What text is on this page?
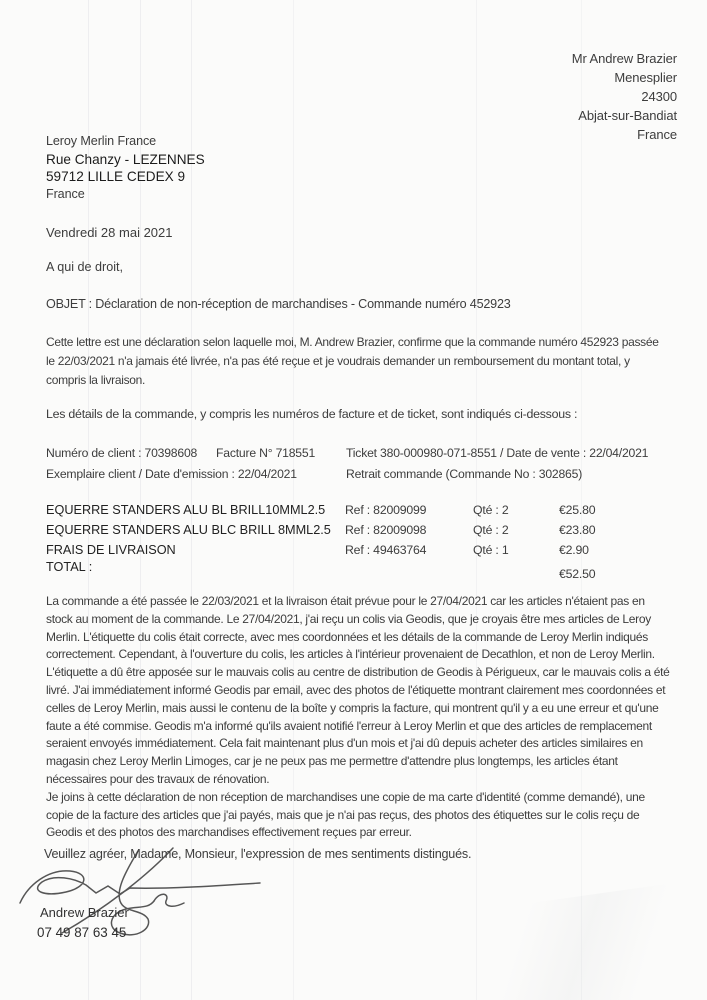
Mr Andrew Brazier
Menesplier
24300
Abjat-sur-Bandiat
France
Leroy Merlin France
Rue Chanzy - LEZENNES
59712 LILLE CEDEX 9
France
Vendredi 28 mai 2021
A qui de droit,
OBJET : Déclaration de non-réception de marchandises - Commande numéro 452923
Cette lettre est une déclaration selon laquelle moi, M. Andrew Brazier, confirme que la commande numéro 452923 passée le 22/03/2021 n'a jamais été livrée, n'a pas été reçue et je voudrais demander un remboursement du montant total, y compris la livraison.
Les détails de la commande, y compris les numéros de facture et de ticket, sont indiqués ci-dessous :
Numéro de client : 70398608 Facture N° 718551	Ticket 380-000980-071-8551 / Date de vente : 22/04/2021
Exemplaire client / Date d'emission : 22/04/2021	Retrait commande (Commande No : 302865)
EQUERRE STANDERS ALU BL BRILL10MML2.5 Ref : 82009099	Qté : 2	€25.80
EQUERRE STANDERS ALU BLC BRILL 8MML2.5 Ref : 82009098	Qté : 2	€23.80
FRAIS DE LIVRAISON	Ref : 49463764	Qté : 1	€2.90
TOTAL :	€52.50

La commande a été passée le 22/03/2021 et la livraison était prévue pour le 27/04/2021 car les articles n'étaient pas en stock au moment de la commande. Le 27/04/2021, j'ai reçu un colis via Geodis, que je croyais être mes articles de Leroy Merlin. L'étiquette du colis était correcte, avec mes coordonnées et les détails de la commande de Leroy Merlin indiqués correctement. Cependant, à l'ouverture du colis, les articles à l'intérieur provenaient de Decathlon, et non de Leroy Merlin. L'étiquette a dû être apposée sur le mauvais colis au centre de distribution de Geodis à Périgueux, car le mauvais colis a été livré. J'ai immédiatement informé Geodis par email, avec des photos de l'étiquette montrant clairement mes coordonnées et celles de Leroy Merlin, mais aussi le contenu de la boîte y compris la facture, qui montrent qu'il y a eu une erreur et qu'une faute a été commise. Geodis m'a informé qu'ils avaient notifié l'erreur à Leroy Merlin et que des articles de remplacement seraient envoyés immédiatement. Cela fait maintenant plus d'un mois et j'ai dû depuis acheter des articles similaires en magasin chez Leroy Merlin Limoges, car je ne peux pas me permettre d'attendre plus longtemps, les articles étant nécessaires pour des travaux de rénovation.

Je joins à cette déclaration de non réception de marchandises une copie de ma carte d'identité (comme demandé), une copie de la facture des articles que j'ai payés, mais que je n'ai pas reçus, des photos des étiquettes sur le colis reçu de Geodis et des photos des marchandises effectivement reçues par erreur.

Veuillez agréer, Madame, Monsieur, l'expression de mes sentiments distingués.
Andrew Brazier
07 49 87 63 45
